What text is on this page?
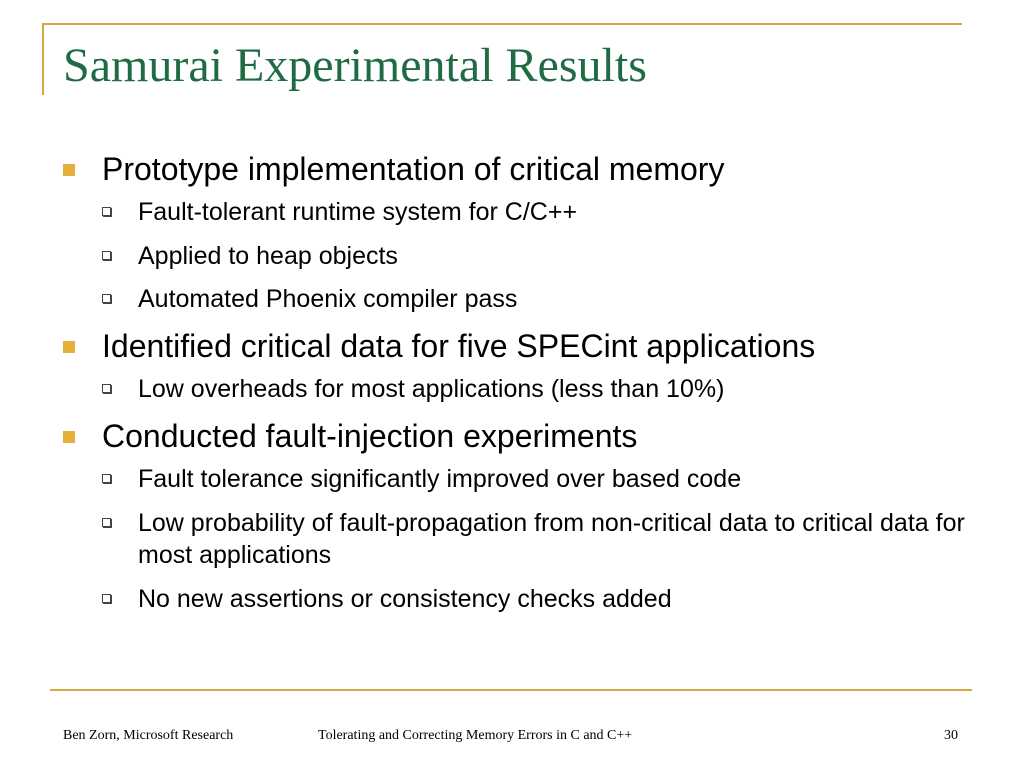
Samurai Experimental Results
Prototype implementation of critical memory
Fault-tolerant runtime system for C/C++
Applied to heap objects
Automated Phoenix compiler pass
Identified critical data for five SPECint applications
Low overheads for most applications (less than 10%)
Conducted fault-injection experiments
Fault tolerance significantly improved over based code
Low probability of fault-propagation from non-critical data to critical data for most applications
No new assertions or consistency checks added
Ben Zorn, Microsoft Research	Tolerating and Correcting Memory Errors in C and C++	30
